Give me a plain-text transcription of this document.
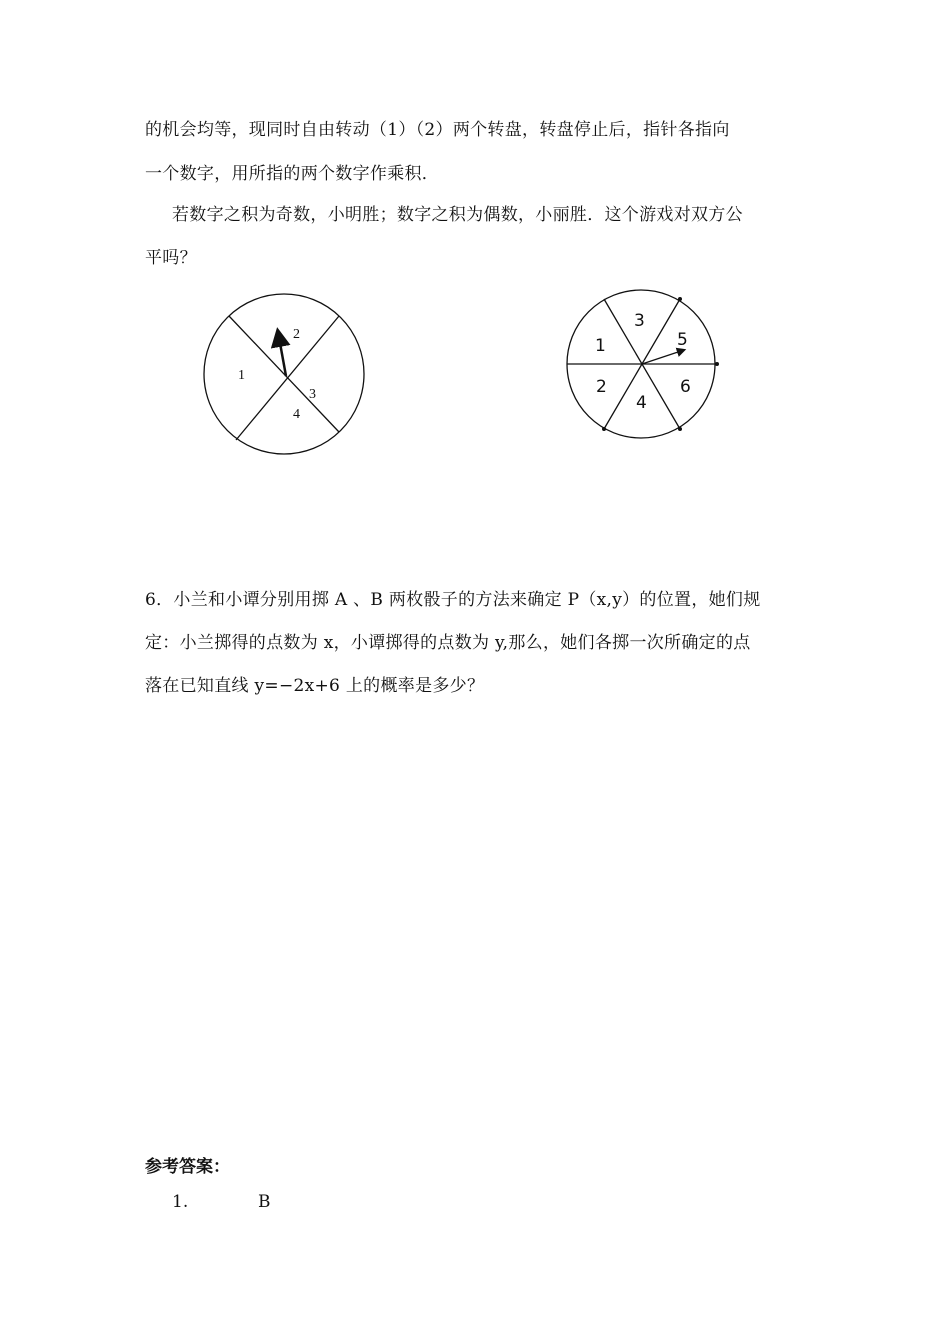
的机会均等，现同时自由转动（1）（2）两个转盘，转盘停止后，指针各指向
一个数字，用所指的两个数字作乘积．
若数字之积为奇数，小明胜；数字之积为偶数，小丽胜．这个游戏对双方公
平吗？
1
2
3
4
1
2
3
4
5
6
6．小兰和小谭分别用掷 A 、B 两枚骰子的方法来确定 P（x,y）的位置，她们规
定：小兰掷得的点数为 x，小谭掷得的点数为 y,那么，她们各掷一次所确定的点
落在已知直线 y=−2x+6 上的概率是多少？
参考答案：
1.	B
